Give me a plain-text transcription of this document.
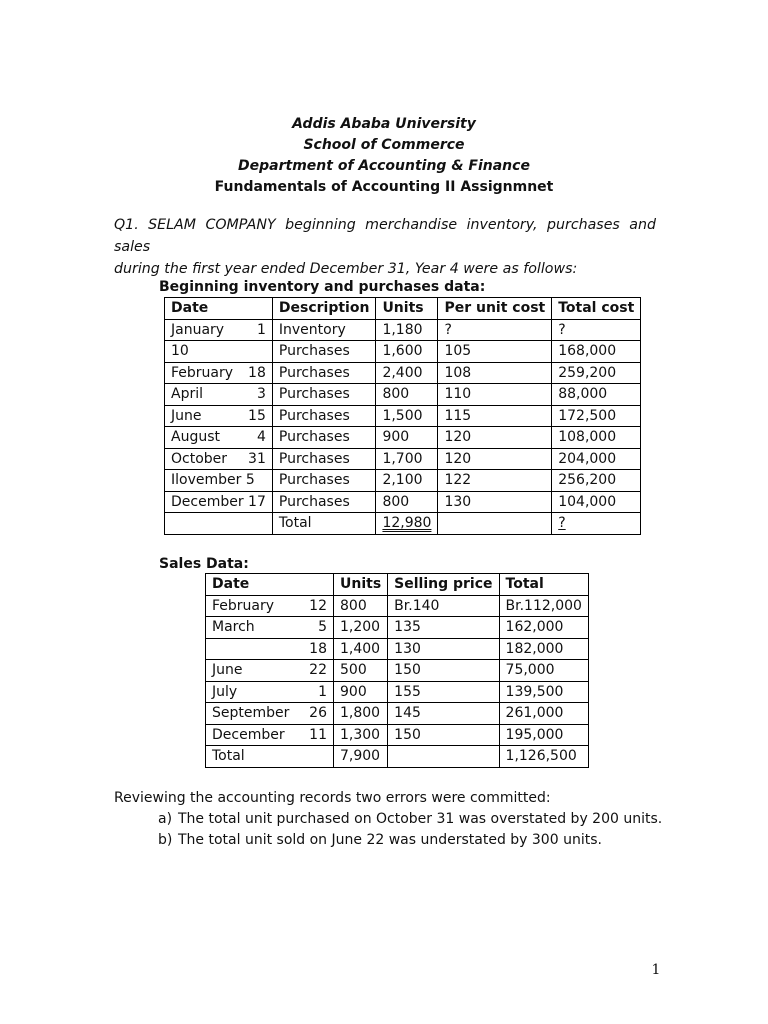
Addis Ababa University
School of Commerce
Department of Accounting & Finance
Fundamentals of Accounting II Assignmnet

Q1. SELAM COMPANY beginning merchandise inventory, purchases and sales

during the first year ended December 31, Year 4 were as follows:

Beginning inventory and purchases data:
Date	Description	Units	Per unit cost	Total cost

January 1	Inventory	1,180	?	?

10	Purchases	1,600	105	168,000

February 18	Purchases	2,400	108	259,200

April 3	Purchases	800	110	88,000

June 15	Purchases	1,500	115	172,500

August 4	Purchases	900	120	108,000

October 31	Purchases	1,700	120	204,000

Ilovember 5	Purchases	2,100	122	256,200

December 17	Purchases	800	130	104,000
	Total	12,980		?
Sales Data:
Date	Units	Selling price	Total

February 12	800	Br.140	Br.112,000

March 5	1,200	135	162,000

18	1,400	130	182,000

June 22	500	150	75,000

July 1	900	155	139,500

September 26	1,800	145	261,000

December 11	1,300	150	195,000
Total	7,900		1,126,500
Reviewing the accounting records two errors were committed:
a) The total unit purchased on October 31 was overstated by 200 units.
b) The total unit sold on June 22 was understated by 300 units.
1
